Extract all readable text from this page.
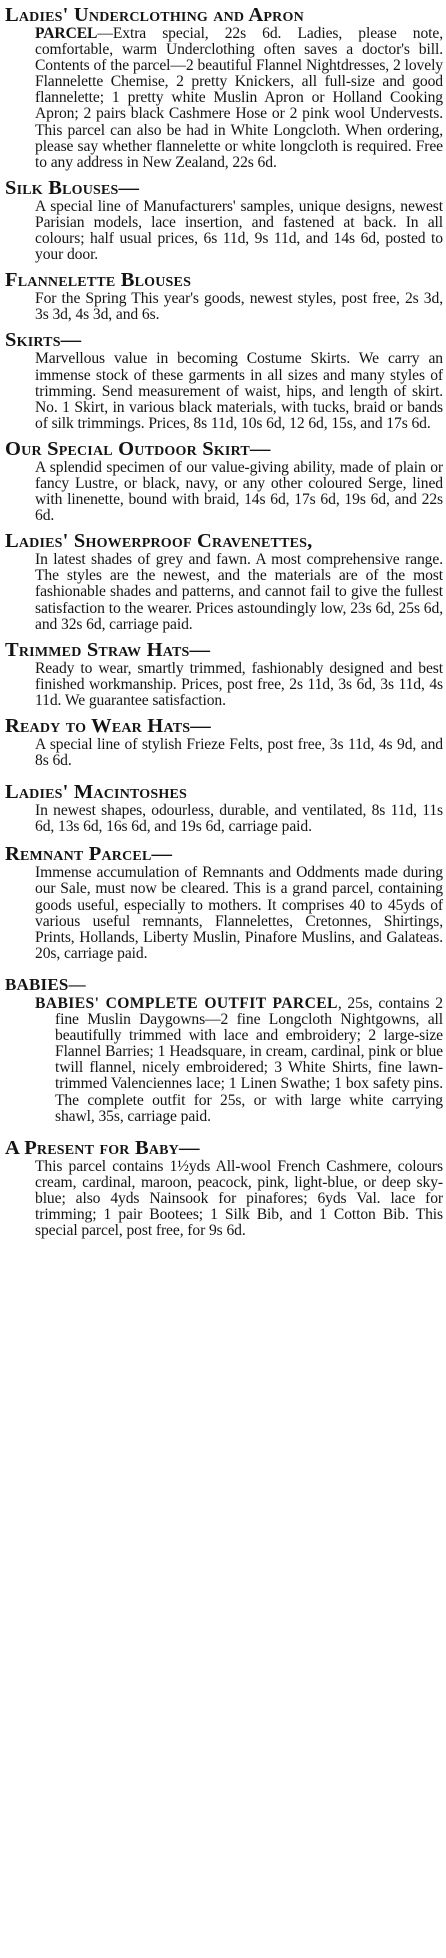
Ladies' Underclothing and Apron

PARCEL—Extra special, 22s 6d. Ladies, please note, comfortable, warm Underclothing often saves a doctor's bill. Contents of the parcel—2 beautiful Flannel Nightdresses, 2 lovely Flannelette Chemise, 2 pretty Knickers, all full-size and good flannelette; 1 pretty white Muslin Apron or Holland Cooking Apron; 2 pairs black Cashmere Hose or 2 pink wool Undervests. This parcel can also be had in White Longcloth. When ordering, please say whether flannelette or white longcloth is required. Free to any address in New Zealand, 22s 6d.

Silk Blouses—

A special line of Manufacturers' samples, unique designs, newest Parisian models, lace insertion, and fastened at back. In all colours; half usual prices, 6s 11d, 9s 11d, and 14s 6d, posted to your door.

Flannelette Blouses

For the Spring This year's goods, newest styles, post free, 2s 3d, 3s 3d, 4s 3d, and 6s.

Skirts—

Marvellous value in becoming Costume Skirts. We carry an immense stock of these garments in all sizes and many styles of trimming. Send measurement of waist, hips, and length of skirt. No. 1 Skirt, in various black materials, with tucks, braid or bands of silk trimmings. Prices, 8s 11d, 10s 6d, 12 6d, 15s, and 17s 6d.

Our Special Outdoor Skirt—

A splendid specimen of our value-giving ability, made of plain or fancy Lustre, or black, navy, or any other coloured Serge, lined with linenette, bound with braid, 14s 6d, 17s 6d, 19s 6d, and 22s 6d.

Ladies' Showerproof Cravenettes,

In latest shades of grey and fawn. A most comprehensive range. The styles are the newest, and the materials are of the most fashionable shades and patterns, and cannot fail to give the fullest satisfaction to the wearer. Prices astoundingly low, 23s 6d, 25s 6d, and 32s 6d, carriage paid.

Trimmed Straw Hats—

Ready to wear, smartly trimmed, fashionably designed and best finished workmanship. Prices, post free, 2s 11d, 3s 6d, 3s 11d, 4s 11d. We guarantee satisfaction.

Ready to Wear Hats—

A special line of stylish Frieze Felts, post free, 3s 11d, 4s 9d, and 8s 6d.

Ladies' Macintoshes

In newest shapes, odourless, durable, and ventilated, 8s 11d, 11s 6d, 13s 6d, 16s 6d, and 19s 6d, carriage paid.

Remnant Parcel—

Immense accumulation of Remnants and Oddments made during our Sale, must now be cleared. This is a grand parcel, containing goods useful, especially to mothers. It comprises 40 to 45yds of various useful remnants, Flannelettes, Cretonnes, Shirtings, Prints, Hollands, Liberty Muslin, Pinafore Muslins, and Galateas. 20s, carriage paid.

BABIES—

BABIES' COMPLETE OUTFIT PARCEL, 25s, contains 2 fine Muslin Daygowns—2 fine Longcloth Nightgowns, all beautifully trimmed with lace and embroidery; 2 large-size Flannel Barries; 1 Headsquare, in cream, cardinal, pink or blue twill flannel, nicely embroidered; 3 White Shirts, fine lawn-trimmed Valenciennes lace; 1 Linen Swathe; 1 box safety pins. The complete outfit for 25s, or with large white carrying shawl, 35s, carriage paid.

A Present for Baby—

This parcel contains 1½yds All-wool French Cashmere, colours cream, cardinal, maroon, peacock, pink, light-blue, or deep sky-blue; also 4yds Nainsook for pinafores; 6yds Val. lace for trimming; 1 pair Bootees; 1 Silk Bib, and 1 Cotton Bib. This special parcel, post free, for 9s 6d.
